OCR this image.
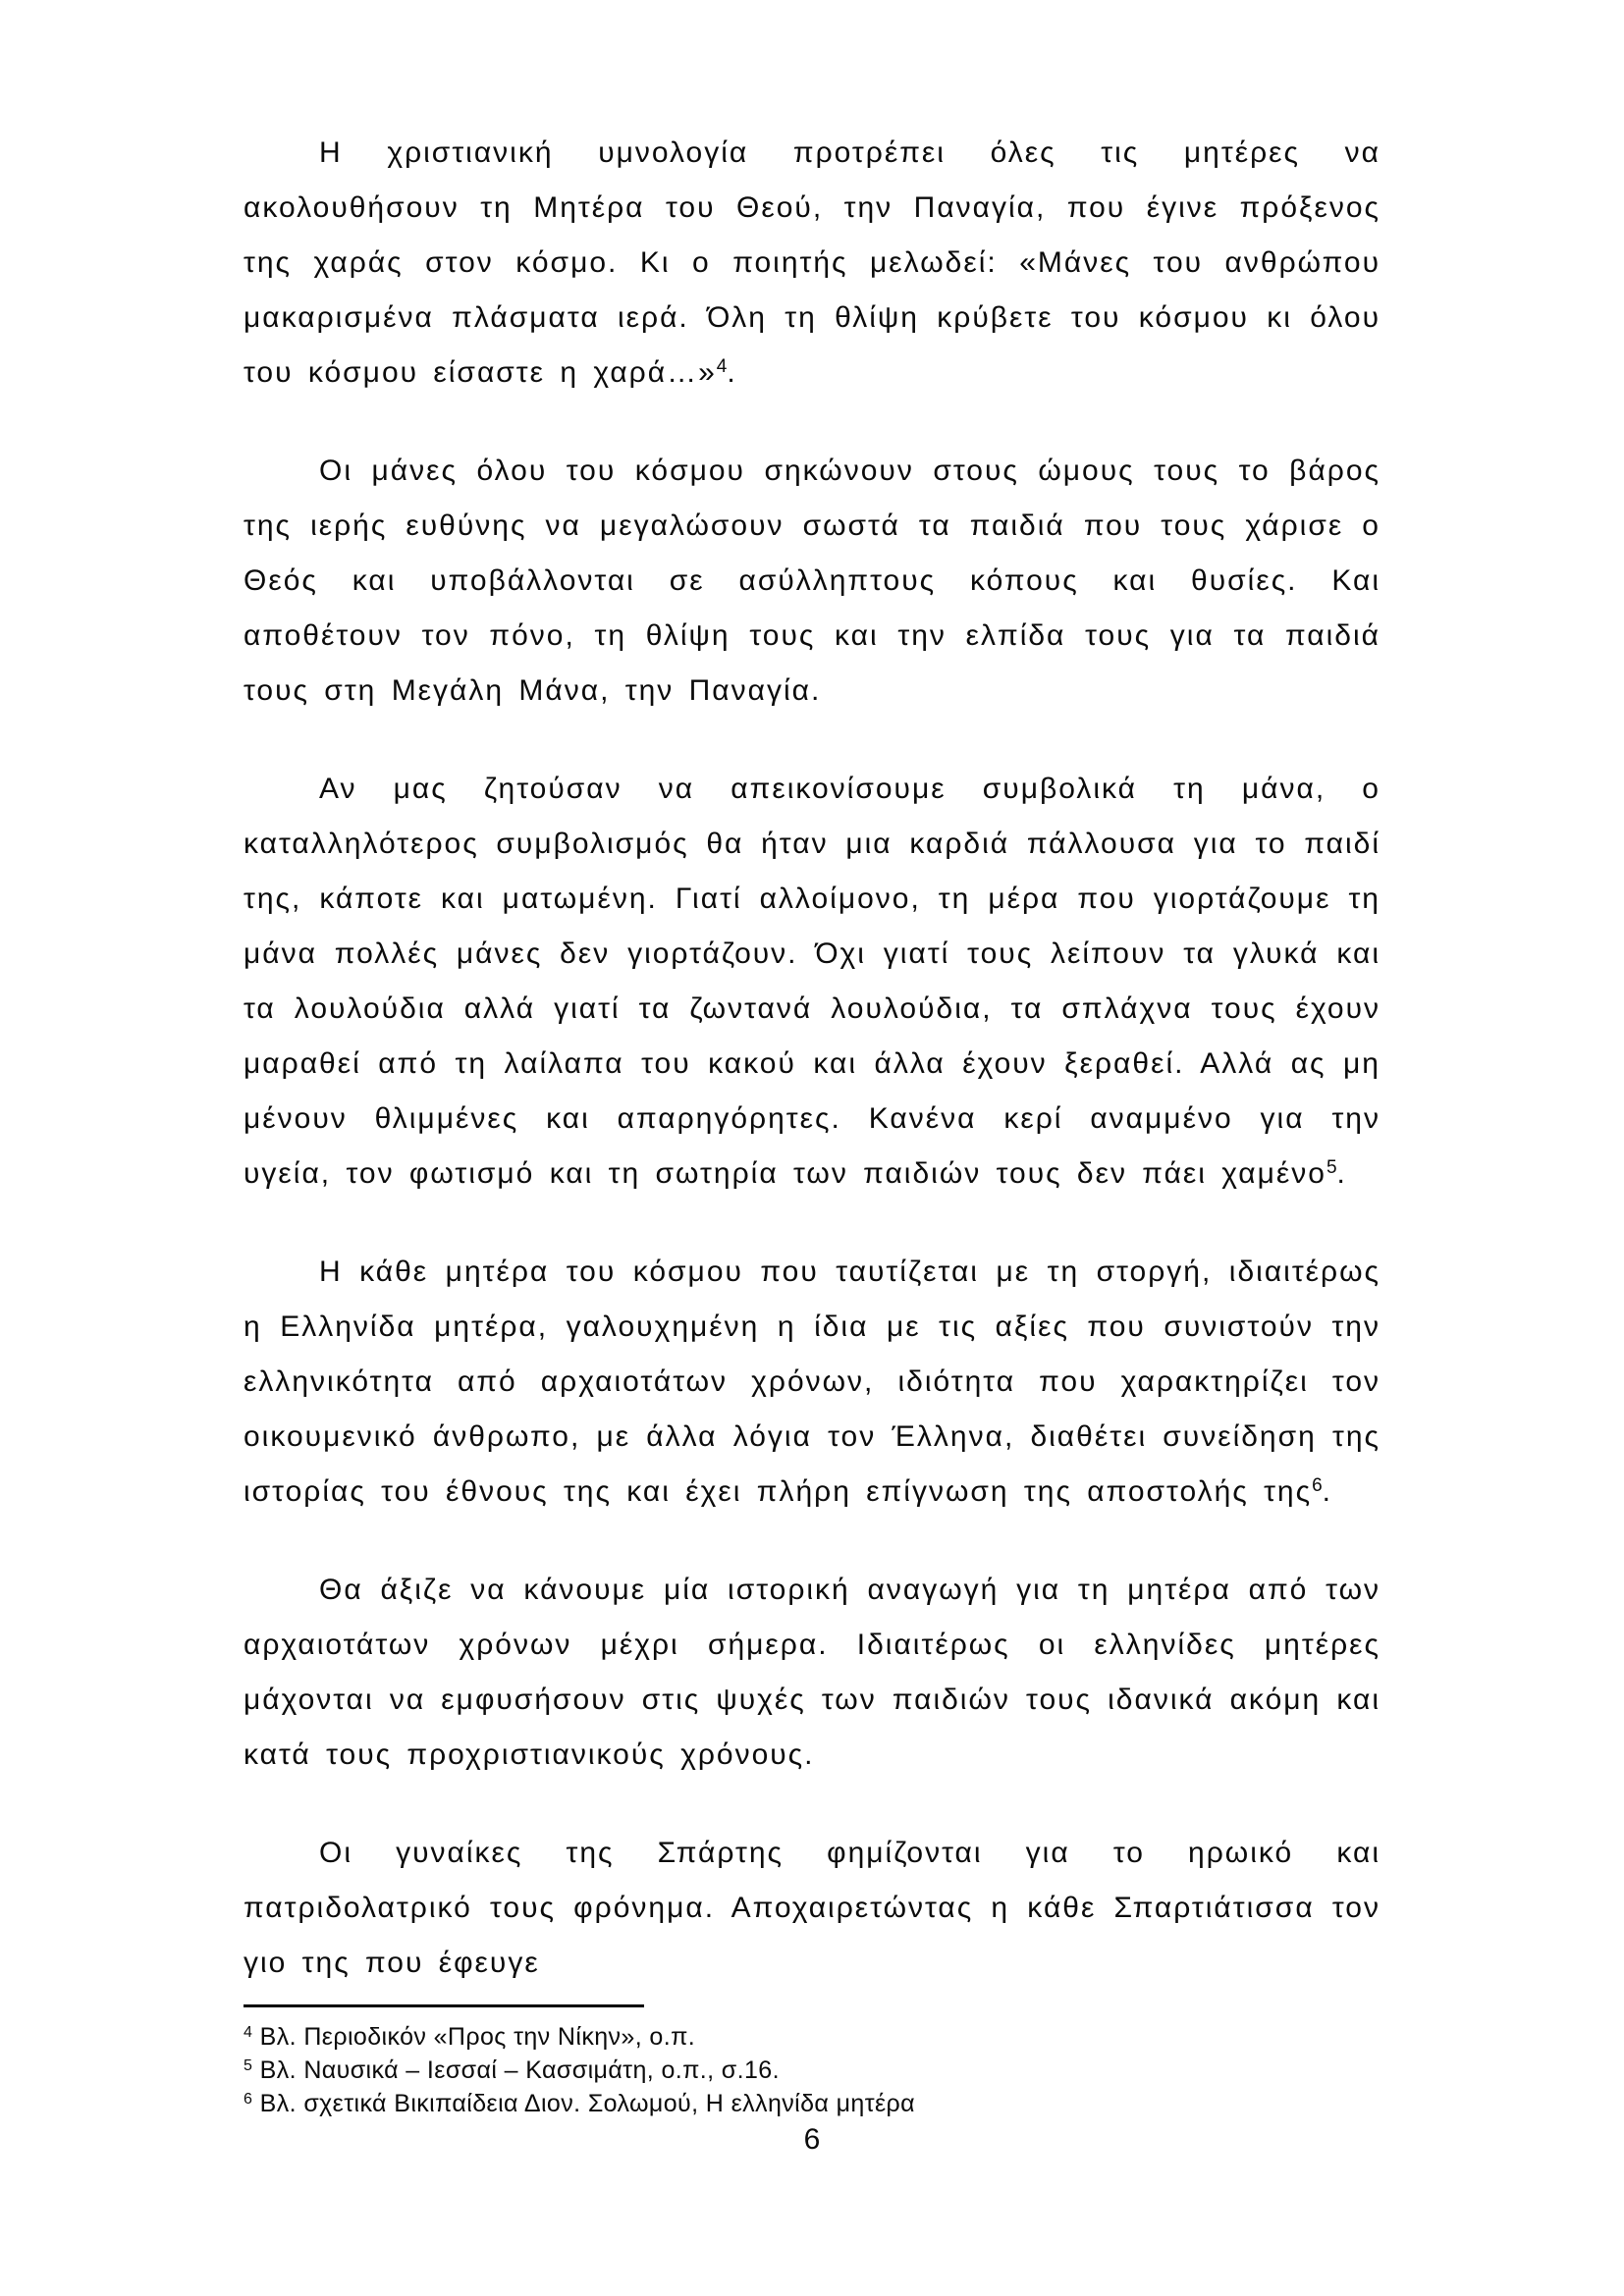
Η χριστιανική υμνολογία προτρέπει όλες τις μητέρες να ακολουθήσουν τη Μητέρα του Θεού, την Παναγία, που έγινε πρόξενος της χαράς στον κόσμο. Κι ο ποιητής μελωδεί: «Μάνες του ανθρώπου μακαρισμένα πλάσματα ιερά. Όλη τη θλίψη κρύβετε του κόσμου κι όλου του κόσμου είσαστε η χαρά…»$^4$.

Οι μάνες όλου του κόσμου σηκώνουν στους ώμους τους το βάρος της ιερής ευθύνης να μεγαλώσουν σωστά τα παιδιά που τους χάρισε ο Θεός και υποβάλλονται σε ασύλληπτους κόπους και θυσίες. Και αποθέτουν τον πόνο, τη θλίψη τους και την ελπίδα τους για τα παιδιά τους στη Μεγάλη Μάνα, την Παναγία.

Αν μας ζητούσαν να απεικονίσουμε συμβολικά τη μάνα, ο καταλληλότερος συμβολισμός θα ήταν μια καρδιά πάλλουσα για το παιδί της, κάποτε και ματωμένη. Γιατί αλλοίμονο, τη μέρα που γιορτάζουμε τη μάνα πολλές μάνες δεν γιορτάζουν. Όχι γιατί τους λείπουν τα γλυκά και τα λουλούδια αλλά γιατί τα ζωντανά λουλούδια, τα σπλάχνα τους έχουν μαραθεί από τη λαίλαπα του κακού και άλλα έχουν ξεραθεί. Αλλά ας μη μένουν θλιμμένες και απαρηγόρητες. Κανένα κερί αναμμένο για την υγεία, τον φωτισμό και τη σωτηρία των παιδιών τους δεν πάει χαμένο$^5$.

Η κάθε μητέρα του κόσμου που ταυτίζεται με τη στοργή, ιδιαιτέρως η Ελληνίδα μητέρα, γαλουχημένη η ίδια με τις αξίες που συνιστούν την ελληνικότητα από αρχαιοτάτων χρόνων, ιδιότητα που χαρακτηρίζει τον οικουμενικό άνθρωπο, με άλλα λόγια τον Έλληνα, διαθέτει συνείδηση της ιστορίας του έθνους της και έχει πλήρη επίγνωση της αποστολής της$^6$.

Θα άξιζε να κάνουμε μία ιστορική αναγωγή για τη μητέρα από των αρχαιοτάτων χρόνων μέχρι σήμερα. Ιδιαιτέρως οι ελληνίδες μητέρες μάχονται να εμφυσήσουν στις ψυχές των παιδιών τους ιδανικά ακόμη και κατά τους προχριστιανικούς χρόνους.

Οι γυναίκες της Σπάρτης φημίζονται για το ηρωικό και πατριδολατρικό τους φρόνημα. Αποχαιρετώντας η κάθε Σπαρτιάτισσα τον γιο της που έφευγε

$^4$ Βλ. Περιοδικόν «Προς την Νίκην», ο.π.
$^5$ Βλ. Ναυσικά – Ιεσσαί – Κασσιμάτη, ο.π., σ.16.
$^6$ Βλ. σχετικά Βικιπαίδεια Διον. Σολωμού, Η ελληνίδα μητέρα
6
